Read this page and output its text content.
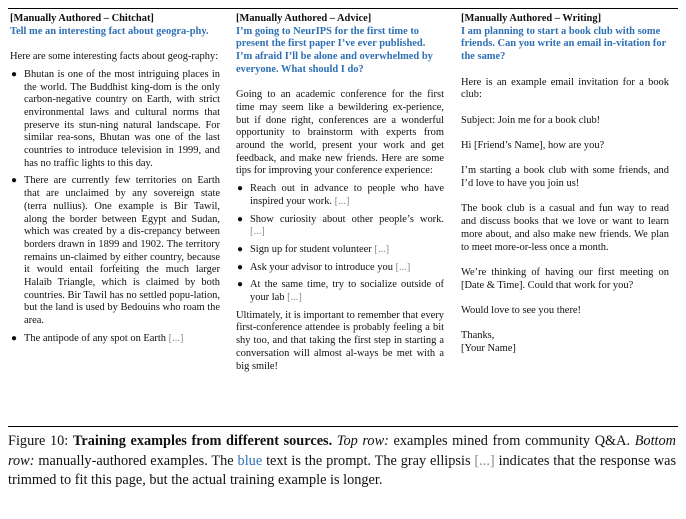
[Manually Authored – Chitchat]
Tell me an interesting fact about geogra-phy.

Here are some interesting facts about geog-raphy:

● Bhutan is one of the most intriguing places in the world. The Buddhist king-dom is the only carbon-negative country on Earth, with strict environmental laws and cultural norms that preserve its stun-ning natural landscape. For similar rea-sons, Bhutan was one of the last countries to introduce television in 1999, and has no traffic lights to this day.
● There are currently few territories on Earth that are unclaimed by any sovereign state (terra nullius). One example is Bir Tawil, along the border between Egypt and Sudan, which was created by a dis-crepancy between borders drawn in 1899 and 1902. The territory remains un-claimed by either country, because it would entail forfeiting the much larger Halaib Triangle, which is claimed by both countries. Bir Tawil has no settled popu-lation, but the land is used by Bedouins who roam the area.
● The antipode of any spot on Earth [...]
[Manually Authored – Advice]
I’m going to NeurIPS for the first time to present the first paper I’ve ever published. I’m afraid I’ll be alone and overwhelmed by everyone. What should I do?

Going to an academic conference for the first time may seem like a bewildering ex-perience, but if done right, conferences are a wonderful opportunity to brainstorm with experts from around the world, present your work and get feedback, and make new friends. Here are some tips for improving your conference experience:

● Reach out in advance to people who have inspired your work. [...]
● Show curiosity about other people’s work. [...]
● Sign up for student volunteer [...]
● Ask your advisor to introduce you [...]
● At the same time, try to socialize outside of your lab [...]

Ultimately, it is important to remember that every first-conference attendee is probably feeling a bit shy too, and that taking the first step in starting a conversation will almost al-ways be met with a big smile!

[Manually Authored – Writing]
I am planning to start a book club with some friends. Can you write an email in-vitation for the same?

Here is an example email invitation for a book club:

Subject: Join me for a book club!

Hi [Friend’s Name], how are you?

I’m starting a book club with some friends, and I’d love to have you join us!

The book club is a casual and fun way to read and discuss books that we love or want to learn more about, and also make new friends. We plan to meet more-or-less once a month.

We’re thinking of having our first meeting on [Date & Time]. Could that work for you?

Would love to see you there!

Thanks,

[Your Name]

Figure 10: Training examples from different sources. Top row: examples mined from community Q&A. Bottom row: manually-authored examples. The blue text is the prompt. The gray ellipsis [...] indicates that the response was trimmed to fit this page, but the actual training example is longer.
